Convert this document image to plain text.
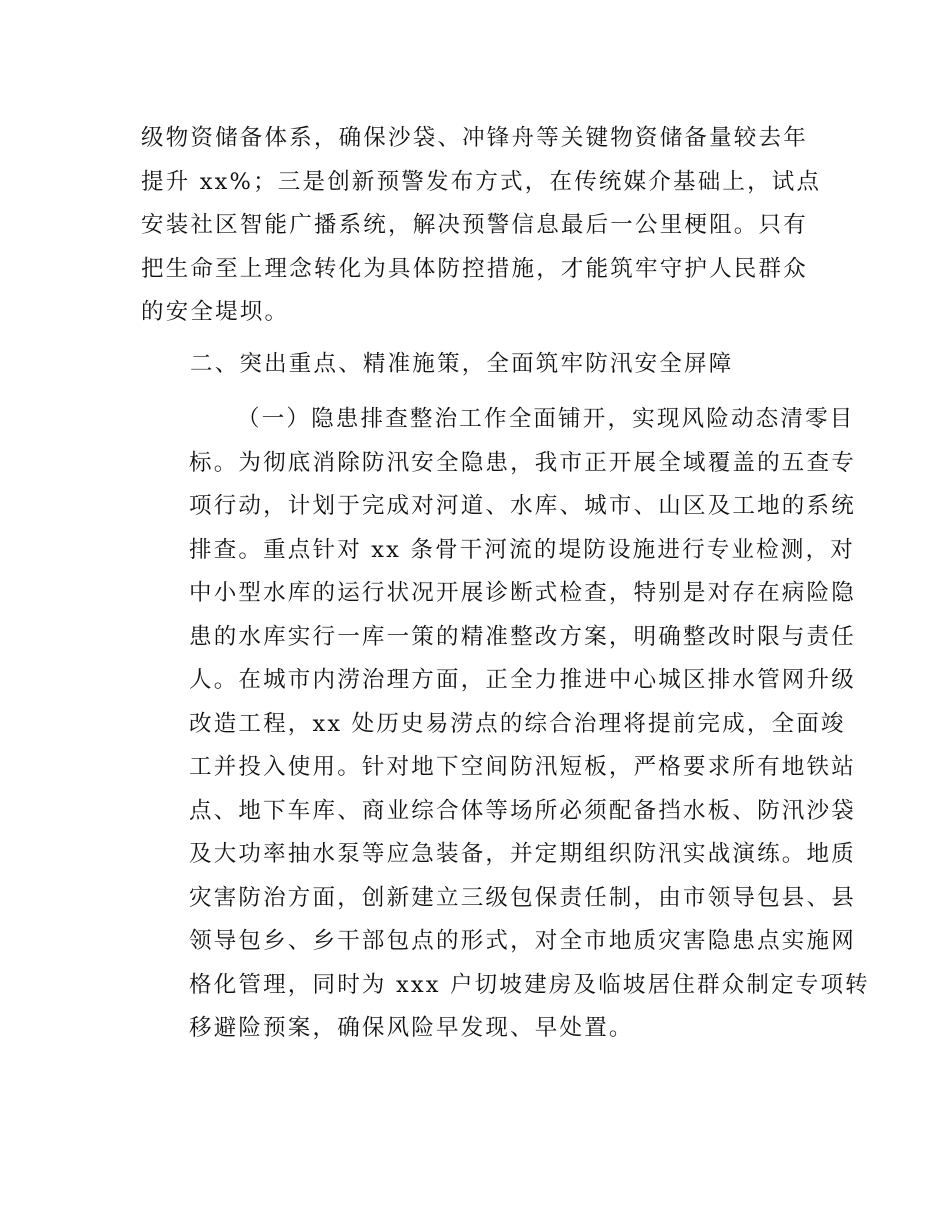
级物资储备体系，确保沙袋、冲锋舟等关键物资储备量较去年
提升 xx%；三是创新预警发布方式，在传统媒介基础上，试点
安装社区智能广播系统，解决预警信息最后一公里梗阻。只有
把生命至上理念转化为具体防控措施，才能筑牢守护人民群众
的安全堤坝。
二、突出重点、精准施策，全面筑牢防汛安全屏障
（一）隐患排查整治工作全面铺开，实现风险动态清零目
标。为彻底消除防汛安全隐患，我市正开展全域覆盖的五查专
项行动，计划于完成对河道、水库、城市、山区及工地的系统
排查。重点针对 xx 条骨干河流的堤防设施进行专业检测，对
中小型水库的运行状况开展诊断式检查，特别是对存在病险隐
患的水库实行一库一策的精准整改方案，明确整改时限与责任
人。在城市内涝治理方面，正全力推进中心城区排水管网升级
改造工程，xx 处历史易涝点的综合治理将提前完成，全面竣
工并投入使用。针对地下空间防汛短板，严格要求所有地铁站
点、地下车库、商业综合体等场所必须配备挡水板、防汛沙袋
及大功率抽水泵等应急装备，并定期组织防汛实战演练。地质
灾害防治方面，创新建立三级包保责任制，由市领导包县、县
领导包乡、乡干部包点的形式，对全市地质灾害隐患点实施网
格化管理，同时为 xxx 户切坡建房及临坡居住群众制定专项转
移避险预案，确保风险早发现、早处置。
